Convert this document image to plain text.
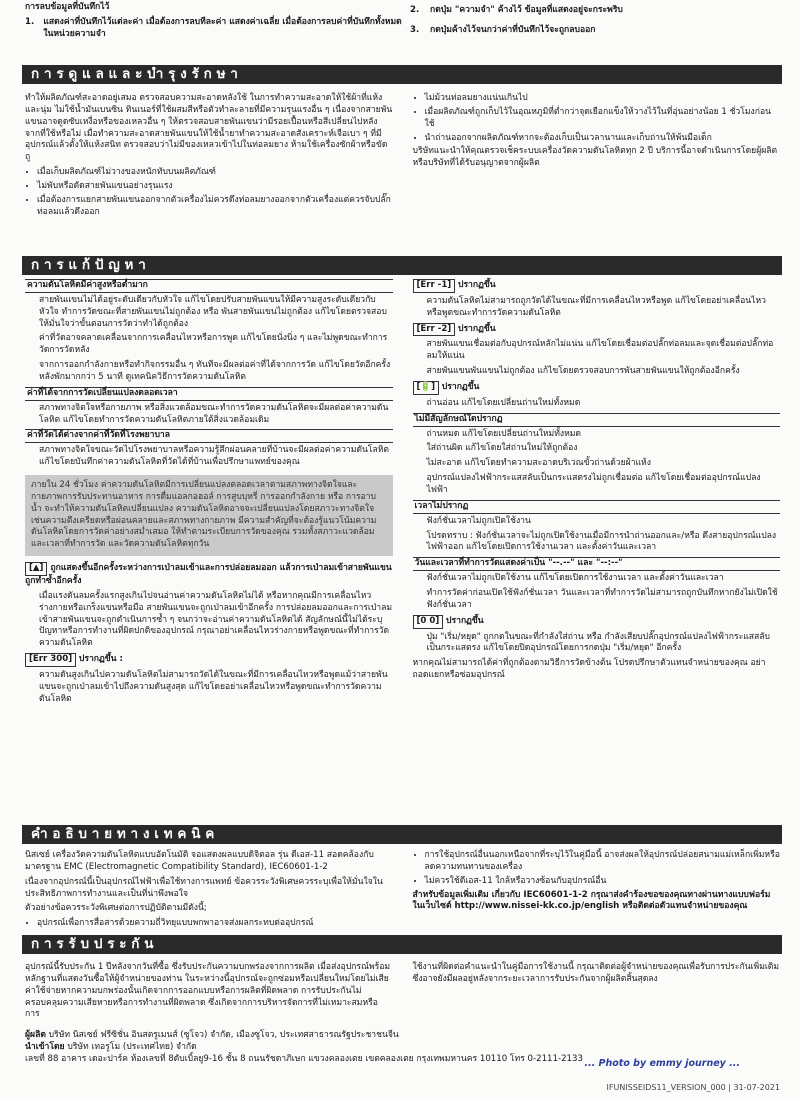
การลบข้อมูลที่บันทึกไว้
1. แสดงค่าที่บันทึกไว้แต่ละค่า เมื่อต้องการลบทีละค่า แสดงค่าเฉลี่ย เมื่อต้องการลบค่าที่บันทึกทั้งหมดในหน่วยความจำ
2.	กดปุ่ม "ความจำ" ค้างไว้ ข้อมูลที่แสดงอยู่จะกระพริบ
3.	กดปุ่มค้างไว้จนกว่าค่าที่บันทึกไว้จะถูกลบออก
การดูแลและบำรุงรักษา

ทำให้ผลิตภัณฑ์สะอาดอยู่เสมอ ตรวจสอบความสะอาดหลังใช้ ในการทำความสะอาดให้ใช้ผ้าที่แห้งและนุ่ม ไม่ใช้น้ำมันเบนซิน ทินเนอร์ที่ใช้ผสมสีหรือตัวทำละลายที่มีความรุนแรงอื่น ๆ เนื่องจากสายพันแขนอาจดูดซับเหงื่อหรือของเหลวอื่น ๆ ให้ตรวจสอบสายพันแขนว่ามีรอยเปื้อนหรือสีเปลี่ยนไปหลังจากที่ใช้หรือไม่ เมื่อทำความสะอาดสายพันแขนให้ใช้น้ำยาทำความสะอาดสังเคราะห์เจือเบา ๆ ที่มีอุปกรณ์แล้วตั้งให้แห้งสนิท ตรวจสอบว่าไม่มีของเหลวเข้าไปในท่อลมยาง ห้ามใช้เครื่องซักผ้าหรือขัดถู

• เมื่อเก็บผลิตภัณฑ์ไม่วางของหนักทับบนผลิตภัณฑ์
• ไม่พับหรือดัดสายพันแขนอย่างรุนแรง
• เมื่อต้องการแยกสายพันแขนออกจากตัวเครื่องไม่ควรดึงท่อลมยางออกจากตัวเครื่องแต่ควรจับปลั๊กท่อลมแล้วดึงออก
• ไม่ม้วนท่อลมยางแน่นเกินไป
• เมื่อผลิตภัณฑ์ถูกเก็บไว้ในอุณหภูมิที่ต่ำกว่าจุดเยือกแข็งให้วางไว้ในที่อุ่นอย่างน้อย 1 ชั่วโมงก่อนใช้
• นำถ่านออกจากผลิตภัณฑ์หากจะต้องเก็บเป็นเวลานานและเก็บถ่านให้พ้นมือเด็ก

บริษัทแนะนำให้คุณตรวจเช็คระบบเครื่องวัดความดันโลหิตทุก 2 ปี บริการนี้อาจดำเนินการโดยผู้ผลิตหรือบริษัทที่ได้รับอนุญาตจากผู้ผลิต

การแก้ปัญหา
ความดันโลหิตมีค่าสูงหรือต่ำมาก

สายพันแขนไม่ได้อยู่ระดับเดียวกับหัวใจ แก้ไขโดยปรับสายพันแขนให้มีความสูงระดับเดียวกับหัวใจ ทำการวัดขณะที่สายพันแขนไม่ถูกต้อง หรือ พันสายพันแขนไม่ถูกต้อง แก้ไขโดยตรวจสอบให้มั่นใจว่าขั้นตอนการวัดว่าทำได้ถูกต้อง

ค่าที่วัดอาจคลาดเคลื่อนจากการเคลื่อนไหวหรือการพูด แก้ไขโดยนั่งนิ่ง ๆ และไม่พูดขณะทำการวัดการวัดหลัง

จากการออกกำลังกายหรือทำกิจกรรมอื่น ๆ ทันทีจะมีผลต่อค่าที่ได้จากการวัด แก้ไขโดยวัดอีกครั้งหลังพักมากกว่า 5 นาที ดูเทคนิควิธีการวัดความดันโลหิต

ค่าที่ได้จากการวัดเปลี่ยนแปลงตลอดเวลา

สภาพทางจิตใจหรือกายภาพ หรือสิ่งแวดล้อมขณะทำการวัดความดันโลหิตจะมีผลต่อค่าความดันโลหิต แก้ไขโดยทำการวัดความดันโลหิตภายใต้สิ่งแวดล้อมเดิม

ค่าที่วัดได้ต่างจากค่าที่วัดที่โรงพยาบาล

สภาพทางจิตใจขณะวัดไปโรงพยาบาลหรือความรู้สึกผ่อนคลายที่บ้านจะมีผลต่อค่าความดันโลหิต แก้ไขโดยบันทึกค่าความดันโลหิตที่วัดได้ที่บ้านเพื่อปรึกษาแพทย์ของคุณ

ภายใน 24 ชั่วโมง ค่าความดันโลหิตมีการเปลี่ยนแปลงตลอดเวลาตามสภาพทางจิตใจและกายภาพการรับประทานอาหาร การดื่มแอลกอฮอล์ การสูบบุหรี่ การออกกำลังกาย หรือ การอาบน้ำ จะทำให้ความดันโลหิตเปลี่ยนแปลง ความดันโลหิตอาจจะเปลี่ยนแปลงโดยสภาวะทางจิตใจเช่นความตึงเครียดหรือผ่อนคลายและสภาพทางกายภาพ มีความสำคัญที่จะต้องรู้แนวโน้มความดันโลหิตโดยการวัดค่าอย่างสม่ำเสมอ ให้ทำตามระเบียบการวัดของคุณ รวมทั้งสภาวะแวดล้อมและเวลาที่ทำการวัด และวัดความดันโลหิตทุกวัน

[▲] ถูกแสดงขึ้นอีกครั้งระหว่างการเป่าลมเข้าและการปล่อยลมออก แล้วการเป่าลมเข้าสายพันแขนถูกทำซ้ำอีกครั้ง

เมื่อแรงดันลมครั้งแรกสูงเกินไปจนอ่านค่าความดันโลหิตไม่ได้ หรือหากคุณมีการเคลื่อนไหวร่างกายหรือเกร็งแขนหรือมือ สายพันแขนจะถูกเป่าลมเข้าอีกครั้ง การปล่อยลมออกและการเป่าลมเข้าสายพันแขนจะถูกดำเนินการซ้ำ ๆ จนกว่าจะอ่านค่าความดันโลหิตได้ สัญลักษณ์นี้ไม่ได้ระบุปัญหาหรือการทำงานที่ผิดปกติของอุปกรณ์ กรุณาอย่าเคลื่อนไหวร่างกายหรือพูดขณะที่ทำการวัดความดันโลหิต

[Err 300] ปรากฏขึ้น :

ความดันสูงเกินไปความดันโลหิตไม่สามารถวัดได้ในขณะที่มีการเคลื่อนไหวหรือพูดแม้ว่าสายพันแขนจะถูกเป่าลมเข้าไปถึงความดันสูงสุด แก้ไขโดยอย่าเคลื่อนไหวหรือพูดขณะทำการวัดความดันโลหิต

[Err -1] ปรากฏขึ้น

ความดันโลหิตไม่สามารถถูกวัดได้ในขณะที่มีการเคลื่อนไหวหรือพูด แก้ไขโดยอย่าเคลื่อนไหวหรือพูดขณะทำการวัดความดันโลหิต

[Err -2] ปรากฏขึ้น

สายพันแขนเชื่อมต่อกับอุปกรณ์หลักไม่แน่น แก้ไขโดยเชื่อมต่อปลั๊กท่อลมและจุดเชื่อมต่อปลั๊กท่อลมให้แน่น

สายพันแขนพันแขนไม่ถูกต้อง แก้ไขโดยตรวจสอบการพันสายพันแขนให้ถูกต้องอีกครั้ง

[🔋] ปรากฏขึ้น

ถ่านอ่อน แก้ไขโดยเปลี่ยนถ่านใหม่ทั้งหมด

ไม่มีสัญลักษณ์ใดปรากฏ

ถ่านหมด แก้ไขโดยเปลี่ยนถ่านใหม่ทั้งหมด

ใส่ถ่านผิด แก้ไขโดยใส่ถ่านใหม่ให้ถูกต้อง

ไม่สะอาด แก้ไขโดยทำความสะอาดบริเวณขั้วถ่านด้วยผ้าแห้ง

อุปกรณ์แปลงไฟฟ้ากระแสสลับเป็นกระแสตรงไม่ถูกเชื่อมต่อ แก้ไขโดยเชื่อมต่ออุปกรณ์แปลงไฟฟ้า

เวลาไม่ปรากฏ

ฟังก์ชั่นเวลาไม่ถูกเปิดใช้งาน

โปรดทราบ : ฟังก์ชั่นเวลาจะไม่ถูกเปิดใช้งานเมื่อมีการนำถ่านออกและ/หรือ ดึงสายอุปกรณ์แปลงไฟฟ้าออก แก้ไขโดยเปิดการใช้งานเวลา และตั้งค่าวันและเวลา

วันและเวลาที่ทำการวัดแสดงค่าเป็น "--.--" และ "--:--"

ฟังก์ชั่นเวลาไม่ถูกเปิดใช้งาน แก้ไขโดยเปิดการใช้งานเวลา และตั้งค่าวันและเวลา

ทำการวัดค่าก่อนเปิดใช้ฟังก์ชั่นเวลา วันและเวลาที่ทำการวัดไม่สามารถถูกบันทึกหากยังไม่เปิดใช้ฟังก์ชั่นเวลา

[0 0] ปรากฏขึ้น

ปุ่ม "เริ่ม/หยุด" ถูกกดในขณะที่กำลังใส่ถ่าน หรือ กำลังเสียบปลั๊กอุปกรณ์แปลงไฟฟ้ากระแสสลับเป็นกระแสตรง แก้ไขโดยปิดอุปกรณ์โดยการกดปุ่ม "เริ่ม/หยุด" อีกครั้ง

หากคุณไม่สามารถได้ค่าที่ถูกต้องตามวิธีการวัดข้างต้น โปรดปรึกษาตัวแทนจำหน่ายของคุณ อย่าถอดแยกหรือซ่อมอุปกรณ์

คำอธิบายทางเทคนิค

นิสเซย์ เครื่องวัดความดันโลหิตแบบอัตโนมัติ จอแสดงผลแบบดิจิตอล รุ่น ดีเอส-11 สอดคล้องกับมาตรฐาน EMC (Electromagnetic Compatibility Standard), IEC60601-1-2

เนื่องจากอุปกรณ์นี้เป็นอุปกรณ์ไฟฟ้าเพื่อใช้ทางการแพทย์ ข้อควรระวังพิเศษควรระบุเพื่อให้มั่นใจในประสิทธิภาพการทำงานและเป็นที่น่าพึงพอใจ

ตัวอย่างข้อควรระวังพิเศษต่อการปฏิบัติตามมีดังนี้;

• อุปกรณ์เพื่อการสื่อสารด้วยความถี่วิทยุแบบพกพาอาจส่งผลกระทบต่ออุปกรณ์
• การใช้อุปกรณ์อื่นนอกเหนือจากที่ระบุไว้ในคู่มือนี้ อาจส่งผลให้อุปกรณ์ปล่อยสนามแม่เหล็กเพิ่มหรือลดความทนทานของเครื่อง
• ไม่ควรใช้ดีเอส-11 ใกล้หรือวางซ้อนกับอุปกรณ์อื่น

สำหรับข้อมูลเพิ่มเติม เกี่ยวกับ IEC60601-1-2 กรุณาส่งคำร้องขอของคุณทางผ่านทางแบบฟอร์มในเว็บไซต์ http://www.nissei-kk.co.jp/english หรือติดต่อตัวแทนจำหน่ายของคุณ

การรับประกัน

อุปกรณ์นี้รับประกัน 1 ปีหลังจากวันที่ซื้อ ซึ่งรับประกันความบกพร่องจากการผลิต เมื่อส่งอุปกรณ์พร้อมหลักฐานที่แสดงวันซื้อให้ผู้จำหน่ายของท่าน ในระหว่างนี้อุปกรณ์จะถูกซ่อมหรือเปลี่ยนใหม่โดยไม่เสียค่าใช้จ่ายหากความบกพร่องนั้นเกิดจากการออกแบบหรือการผลิตที่ผิดพลาด การรับประกันไม่ครอบคลุมความเสียหายหรือการทำงานที่ผิดพลาด ซึ่งเกิดจากการบริหารจัดการที่ไม่เหมาะสมหรือการ

ใช้งานที่ผิดต่อคำแนะนำในคู่มือการใช้งานนี้ กรุณาติดต่อผู้จำหน่ายของคุณเพื่อรับการประกันเพิ่มเติม ซึ่งอาจยังมีผลอยู่หลังจากระยะเวลาการรับประกันจากผู้ผลิตสิ้นสุดลง

ผู้ผลิต บริษัท นิสเซย์ ฟรีซิชั่น อินสตรูเมนส์ (ซูโจว) จำกัด, เมืองซูโจว, ประเทศสาธารณรัฐประชาชนจีน

นำเข้าโดย บริษัท เทอรูโม (ประเทศไทย) จำกัด

เลขที่ 88 อาคาร เดอะปาร์ค ห้องเลขที่ 8ดับเบิ้ลยู9-16 ชั้น 8 ถนนรัชดาภิเษก แขวงคลองเตย เขตคลองเตย กรุงเทพมหานคร 10110 โทร 0-2111-2133 ... Photo by emmy journey ...
IFUNISSEIDS11_VERSION_000 | 31-07-2021
